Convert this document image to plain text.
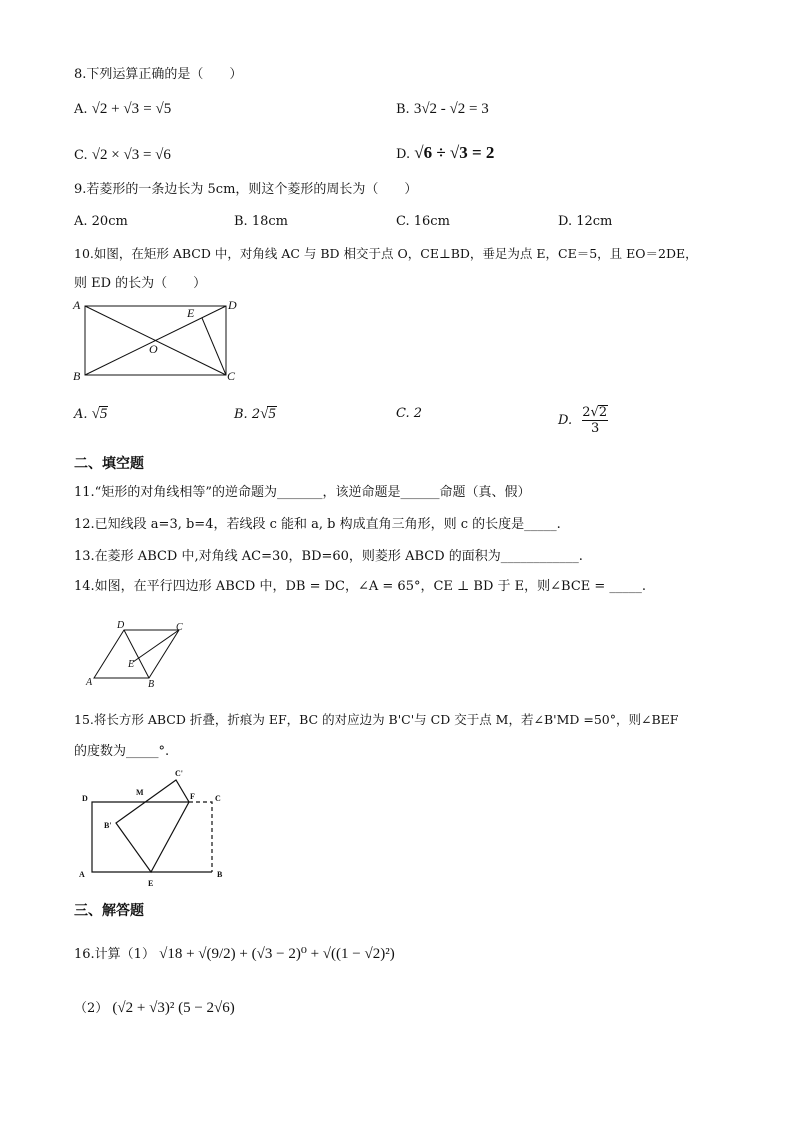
8.下列运算正确的是（　　）
A. √2 + √3 = √5	B. 3√2 - √2 = 3
C. √2 × √3 = √6	D. √6 ÷ √3 = 2
9.若菱形的一条边长为 5cm，则这个菱形的周长为（　　）
A. 20cm	B. 18cm	C. 16cm	D. 12cm
10.如图，在矩形 ABCD 中，对角线 AC 与 BD 相交于点 O，CE⊥BD，垂足为点 E，CE＝5，且 EO＝2DE，
则 ED 的长为（　　）
A
B	C
D
E
O
A. √5	B. 2√5	C. 2	D. $\frac{2√2}{3}$
二、填空题
11.“矩形的对角线相等”的逆命题为_______，该逆命题是______命题（真、假）
12.已知线段 a=3, b=4，若线段 c 能和 a, b 构成直角三角形，则 c 的长度是_____.
13.在菱形 ABCD 中,对角线 AC=30，BD=60，则菱形 ABCD 的面积为____________.
14.如图，在平行四边形 ABCD 中，DB = DC，∠A = 65°，CE ⊥ BD 于 E，则∠BCE = _____.
A	B
C
D
E
15.将长方形 ABCD 折叠，折痕为 EF，BC 的对应边为 B'C'与 CD 交于点 M，若∠B'MD =50°，则∠BEF
的度数为_____°.
A	B
C
D
E
F
M
B'
C'
三、解答题
16.计算（1） √18 + √(9/2) + (√3 − 2)⁰ + √((1 − √2)²)
（2） (√2 + √3)² (5 − 2√6)
